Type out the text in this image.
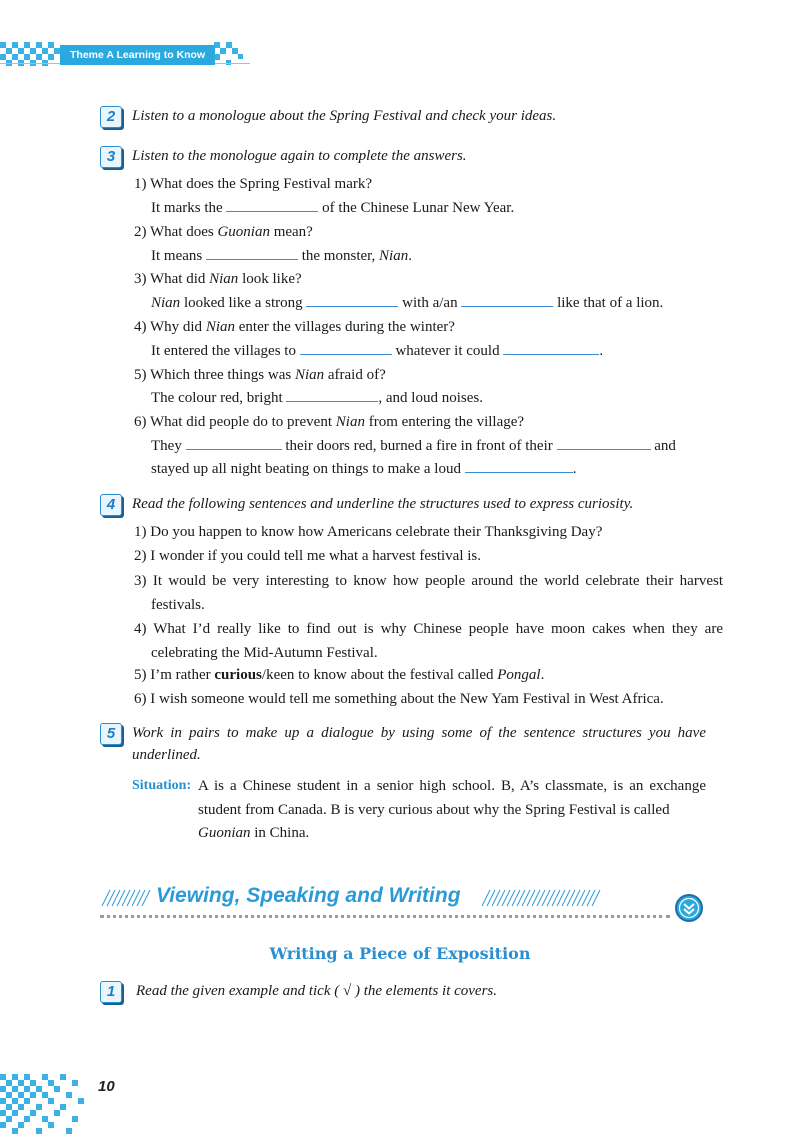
Theme A Learning to Know
2	Listen to a monologue about the Spring Festival and check your ideas.
3	Listen to the monologue again to complete the answers.
1) What does the Spring Festival mark?
It marks the	of the Chinese Lunar New Year.
2) What does Guonian mean?
It means	the monster, Nian.
3) What did Nian look like?
Nian looked like a strong	with a/an	like that of a lion.
4) Why did Nian enter the villages during the winter?
It entered the villages to	whatever it could	.
5) Which three things was Nian afraid of?
The colour red, bright	, and loud noises.
6) What did people do to prevent Nian from entering the village?
They	their doors red, burned a fire in front of their	and
stayed up all night beating on things to make a loud	.
4	Read the following sentences and underline the structures used to express curiosity.
1) Do you happen to know how Americans celebrate their Thanksgiving Day?
2) I wonder if you could tell me what a harvest festival is.
3) It would be very interesting to know how people around the world celebrate their harvest festivals.
4) What I’d really like to find out is why Chinese people have moon cakes when they are celebrating the Mid-Autumn Festival.
5) I’m rather curious/keen to know about the festival called Pongal.
6) I wish someone would tell me something about the New Yam Festival in West Africa.
5	Work in pairs to make up a dialogue by using some of the sentence structures you have underlined.
Situation: A is a Chinese student in a senior high school. B, A’s classmate, is an exchange student from Canada. B is very curious about why the Spring Festival is called
Guonian in China.
Viewing, Speaking and Writing
Writing a Piece of Exposition
1	Read the given example and tick ( √ ) the elements it covers.
10
